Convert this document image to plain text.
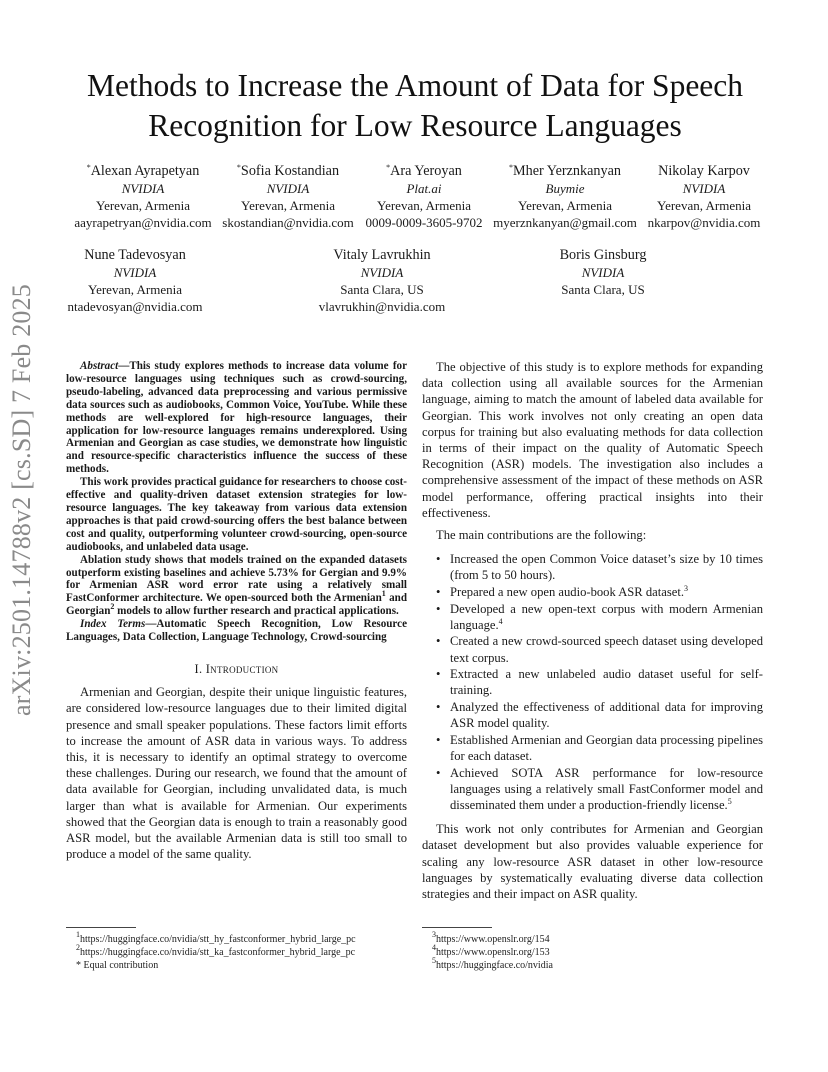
arXiv:2501.14788v2 [cs.SD] 7 Feb 2025
Methods to Increase the Amount of Data for Speech Recognition for Low Resource Languages
*Alexan Ayrapetyan
NVIDIA
Yerevan, Armenia
aayrapetryan@nvidia.com
*Sofia Kostandian
NVIDIA
Yerevan, Armenia
skostandian@nvidia.com
*Ara Yeroyan
Plat.ai
Yerevan, Armenia
0009-0009-3605-9702
*Mher Yerznkanyan
Buymie
Yerevan, Armenia
myerznkanyan@gmail.com
Nikolay Karpov
NVIDIA
Yerevan, Armenia
nkarpov@nvidia.com
Nune Tadevosyan
NVIDIA
Yerevan, Armenia
ntadevosyan@nvidia.com
Vitaly Lavrukhin
NVIDIA
Santa Clara, US
vlavrukhin@nvidia.com
Boris Ginsburg
NVIDIA
Santa Clara, US

Abstract—This study explores methods to increase data volume for low-resource languages using techniques such as crowd-sourcing, pseudo-labeling, advanced data preprocessing and various permissive data sources such as audiobooks, Common Voice, YouTube. While these methods are well-explored for high-resource languages, their application for low-resource languages remains underexplored. Using Armenian and Georgian as case studies, we demonstrate how linguistic and resource-specific characteristics influence the success of these methods.

This work provides practical guidance for researchers to choose cost-effective and quality-driven dataset extension strategies for low-resource languages. The key takeaway from various data extension approaches is that paid crowd-sourcing offers the best balance between cost and quality, outperforming volunteer crowd-sourcing, open-source audiobooks, and unlabeled data usage.

Ablation study shows that models trained on the expanded datasets outperform existing baselines and achieve 5.73% for Gergian and 9.9% for Armenian ASR word error rate using a relatively small FastConformer architecture. We open-sourced both the Armenian$^1$ and Georgian$^2$ models to allow further research and practical applications.

Index Terms—Automatic Speech Recognition, Low Resource Languages, Data Collection, Language Technology, Crowd-sourcing

I. Introduction

Armenian and Georgian, despite their unique linguistic features, are considered low-resource languages due to their limited digital presence and small speaker populations. These factors limit efforts to increase the amount of ASR data in various ways. To address this, it is necessary to identify an optimal strategy to overcome these challenges. During our research, we found that the amount of data available for Georgian, including unvalidated data, is much larger than what is available for Armenian. Our experiments showed that the Georgian data is enough to train a reasonably good ASR model, but the available Armenian data is still too small to produce a model of the same quality.

The objective of this study is to explore methods for expanding data collection using all available sources for the Armenian language, aiming to match the amount of labeled data available for Georgian. This work involves not only creating an open data corpus for training but also evaluating methods for data collection in terms of their impact on the quality of Automatic Speech Recognition (ASR) models. The investigation also includes a comprehensive assessment of the impact of these methods on ASR model performance, offering practical insights into their effectiveness.

The main contributions are the following:

• Increased the open Common Voice dataset’s size by 10 times (from 5 to 50 hours).
• Prepared a new open audio-book ASR dataset.$^3$
• Developed a new open-text corpus with modern Armenian language.$^4$
• Created a new crowd-sourced speech dataset using developed text corpus.
• Extracted a new unlabeled audio dataset useful for self-training.
• Analyzed the effectiveness of additional data for improving ASR model quality.
• Established Armenian and Georgian data processing pipelines for each dataset.
• Achieved SOTA ASR performance for low-resource languages using a relatively small FastConformer model and disseminated them under a production-friendly license.$^5$

This work not only contributes for Armenian and Georgian dataset development but also provides valuable experience for scaling any low-resource ASR dataset in other low-resource languages by systematically evaluating diverse data collection strategies and their impact on ASR quality.

$^1$https://huggingface.co/nvidia/stt_hy_fastconformer_hybrid_large_pc
$^2$https://huggingface.co/nvidia/stt_ka_fastconformer_hybrid_large_pc
* Equal contribution
$^3$https://www.openslr.org/154
$^4$https://www.openslr.org/153
$^5$https://huggingface.co/nvidia
